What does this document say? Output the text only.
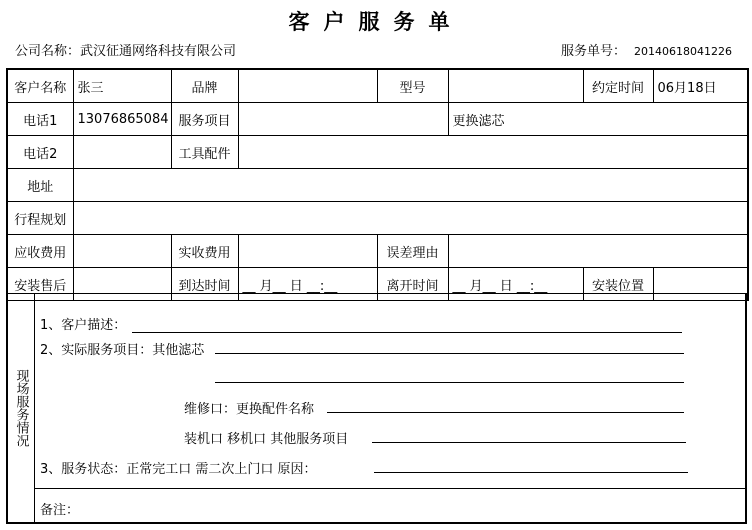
客户服务单
公司名称：武汉征通网络科技有限公司	服务单号： 20140618041226
客户名称	张三	品牌		型号		约定时间	06月18日
电话1	13076865084	服务项目			更换滤芯		
电话2		工具配件					
地址							
行程规划							
应收费用		实收费用		误差理由			
安装售后		到达时间	__ 月__ 日 __:__	离开时间	__ 月__ 日 __:__	安装位置	
现场服务情况
1、客户描述：
2、实际服务项目：其他滤芯
维修口：更换配件名称
装机口 移机口 其他服务项目
3、服务状态：正常完工口 需二次上门口 原因：
备注：
